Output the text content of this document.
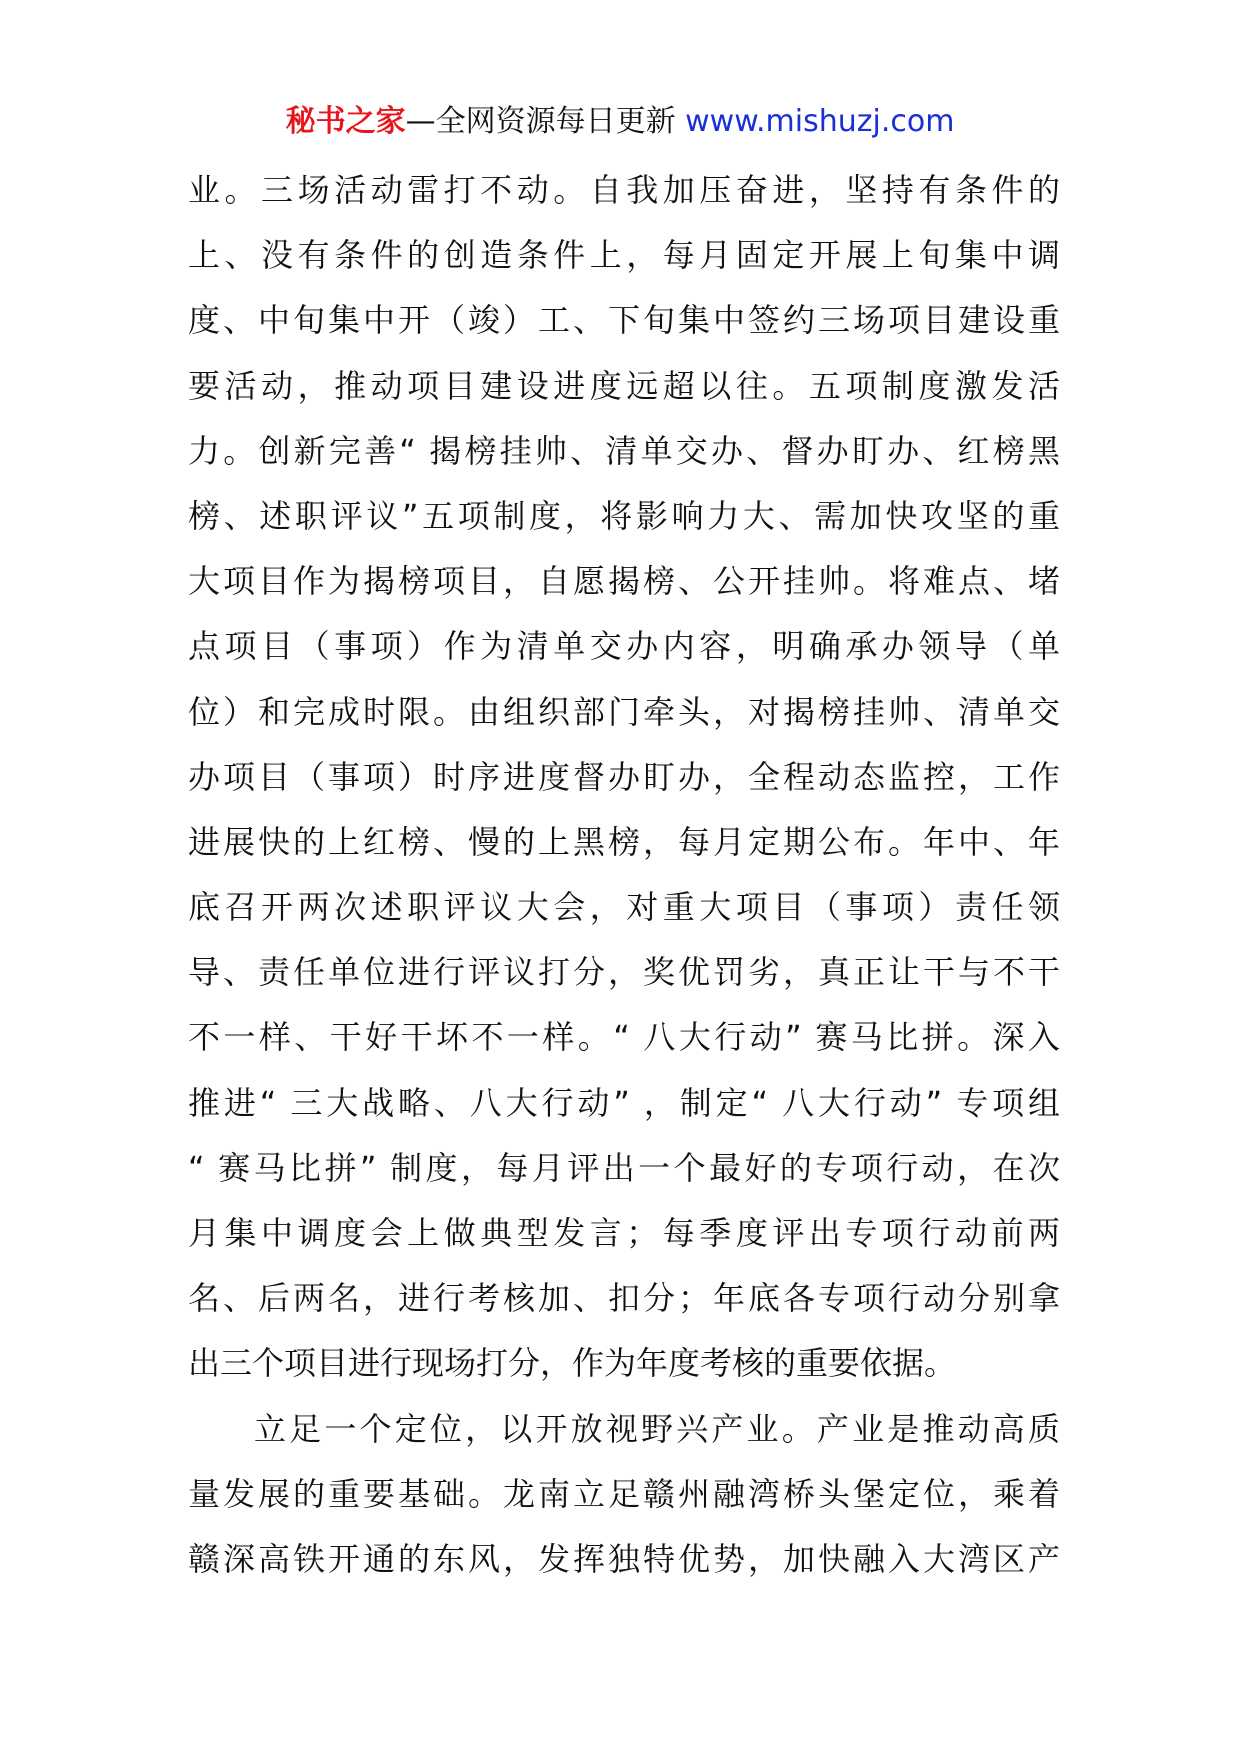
秘书之家—全网资源每日更新 www.mishuzj.com
业。三场活动雷打不动。自我加压奋进，坚持有条件的
上、没有条件的创造条件上，每月固定开展上旬集中调
度、中旬集中开（竣）工、下旬集中签约三场项目建设重
要活动，推动项目建设进度远超以往。五项制度激发活
力。创新完善“ 揭榜挂帅、清单交办、督办盯办、红榜黑
榜、述职评议”五项制度，将影响力大、需加快攻坚的重
大项目作为揭榜项目，自愿揭榜、公开挂帅。将难点、堵
点项目（事项）作为清单交办内容，明确承办领导（单
位）和完成时限。由组织部门牵头，对揭榜挂帅、清单交
办项目（事项）时序进度督办盯办，全程动态监控，工作
进展快的上红榜、慢的上黑榜，每月定期公布。年中、年
底召开两次述职评议大会，对重大项目（事项）责任领
导、责任单位进行评议打分，奖优罚劣，真正让干与不干
不一样、干好干坏不一样。“ 八大行动” 赛马比拼。深入
推进“ 三大战略、八大行动” ，制定“ 八大行动” 专项组
“ 赛马比拼” 制度，每月评出一个最好的专项行动，在次
月集中调度会上做典型发言；每季度评出专项行动前两
名、后两名，进行考核加、扣分；年底各专项行动分别拿
出三个项目进行现场打分，作为年度考核的重要依据。
立足一个定位，以开放视野兴产业。产业是推动高质
量发展的重要基础。龙南立足赣州融湾桥头堡定位，乘着
赣深高铁开通的东风，发挥独特优势，加快融入大湾区产
